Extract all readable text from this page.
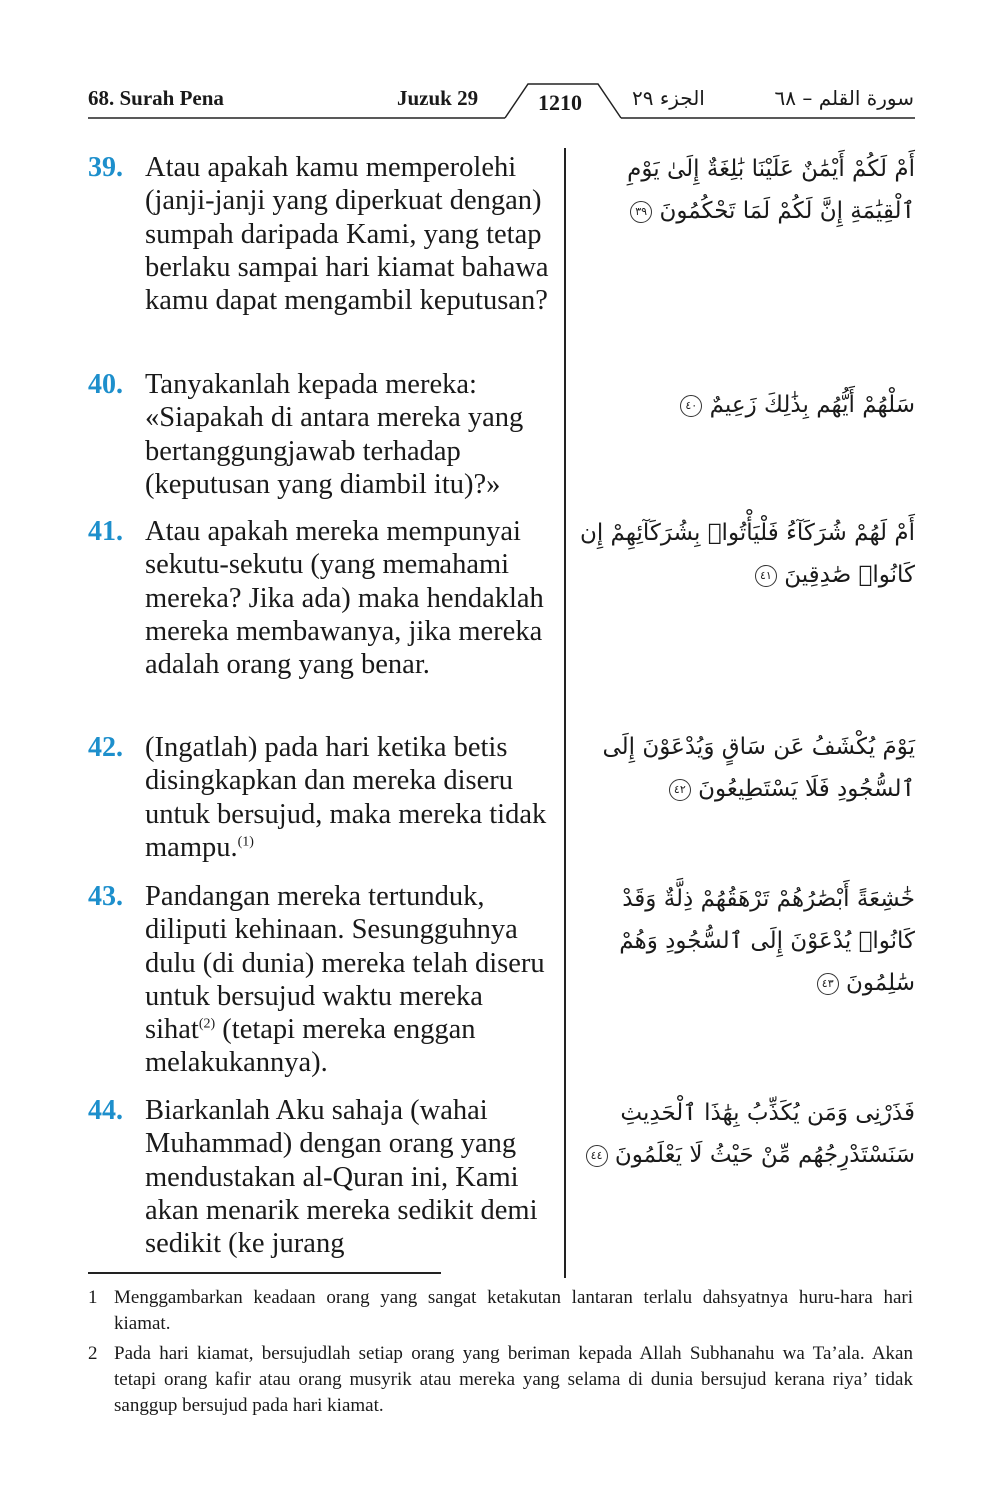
68. Surah Pena	Juzuk 29	1210	الجزء ٢٩	سورة القلم – ٦٨
39. Atau apakah kamu memperolehi (janji-janji yang diperkuat dengan) sumpah daripada Kami, yang tetap berlaku sampai hari kiamat bahawa kamu dapat mengambil keputusan?
أَمْ لَكُمْ أَيْمَٰنٌ عَلَيْنَا بَٰلِغَةٌ إِلَىٰ يَوْمِ ٱلْقِيَٰمَةِ إِنَّ لَكُمْ لَمَا تَحْكُمُونَ ٣٩
40. Tanyakanlah kepada mereka: «Siapakah di antara mereka yang bertanggungjawab terhadap (keputusan yang diambil itu)?»
سَلْهُمْ أَيُّهُم بِذَٰلِكَ زَعِيمٌ ٤٠
41. Atau apakah mereka mempunyai sekutu-sekutu (yang memahami mereka? Jika ada) maka hendaklah mereka membawanya, jika mereka adalah orang yang benar.
أَمْ لَهُمْ شُرَكَآءُ فَلْيَأْتُوا۟ بِشُرَكَآئِهِمْ إِن كَانُوا۟ صَٰدِقِينَ ٤١
42. (Ingatlah) pada hari ketika betis disingkapkan dan mereka diseru untuk bersujud, maka mereka tidak mampu.$^{(1)}$
يَوْمَ يُكْشَفُ عَن سَاقٍ وَيُدْعَوْنَ إِلَى ٱلسُّجُودِ فَلَا يَسْتَطِيعُونَ ٤٢
43. Pandangan mereka tertunduk, diliputi kehinaan. Sesungguhnya dulu (di dunia) mereka telah diseru untuk bersujud waktu mereka sihat$^{(2)}$ (tetapi mereka enggan melakukannya).
خَٰشِعَةً أَبْصَٰرُهُمْ تَرْهَقُهُمْ ذِلَّةٌ وَقَدْ كَانُوا۟ يُدْعَوْنَ إِلَى ٱلسُّجُودِ وَهُمْ سَٰلِمُونَ ٤٣
44. Biarkanlah Aku sahaja (wahai Muhammad) dengan orang yang mendustakan al-Quran ini, Kami akan menarik mereka sedikit demi sedikit (ke jurang
فَذَرْنِى وَمَن يُكَذِّبُ بِهَٰذَا ٱلْحَدِيثِ سَنَسْتَدْرِجُهُم مِّنْ حَيْثُ لَا يَعْلَمُونَ ٤٤
1 Menggambarkan keadaan orang yang sangat ketakutan lantaran terlalu dahsyatnya huru-hara hari kiamat.
2 Pada hari kiamat, bersujudlah setiap orang yang beriman kepada Allah Subhanahu wa Ta’ala. Akan tetapi orang kafir atau orang musyrik atau mereka yang selama di dunia bersujud kerana riya’ tidak sanggup bersujud pada hari kiamat.
